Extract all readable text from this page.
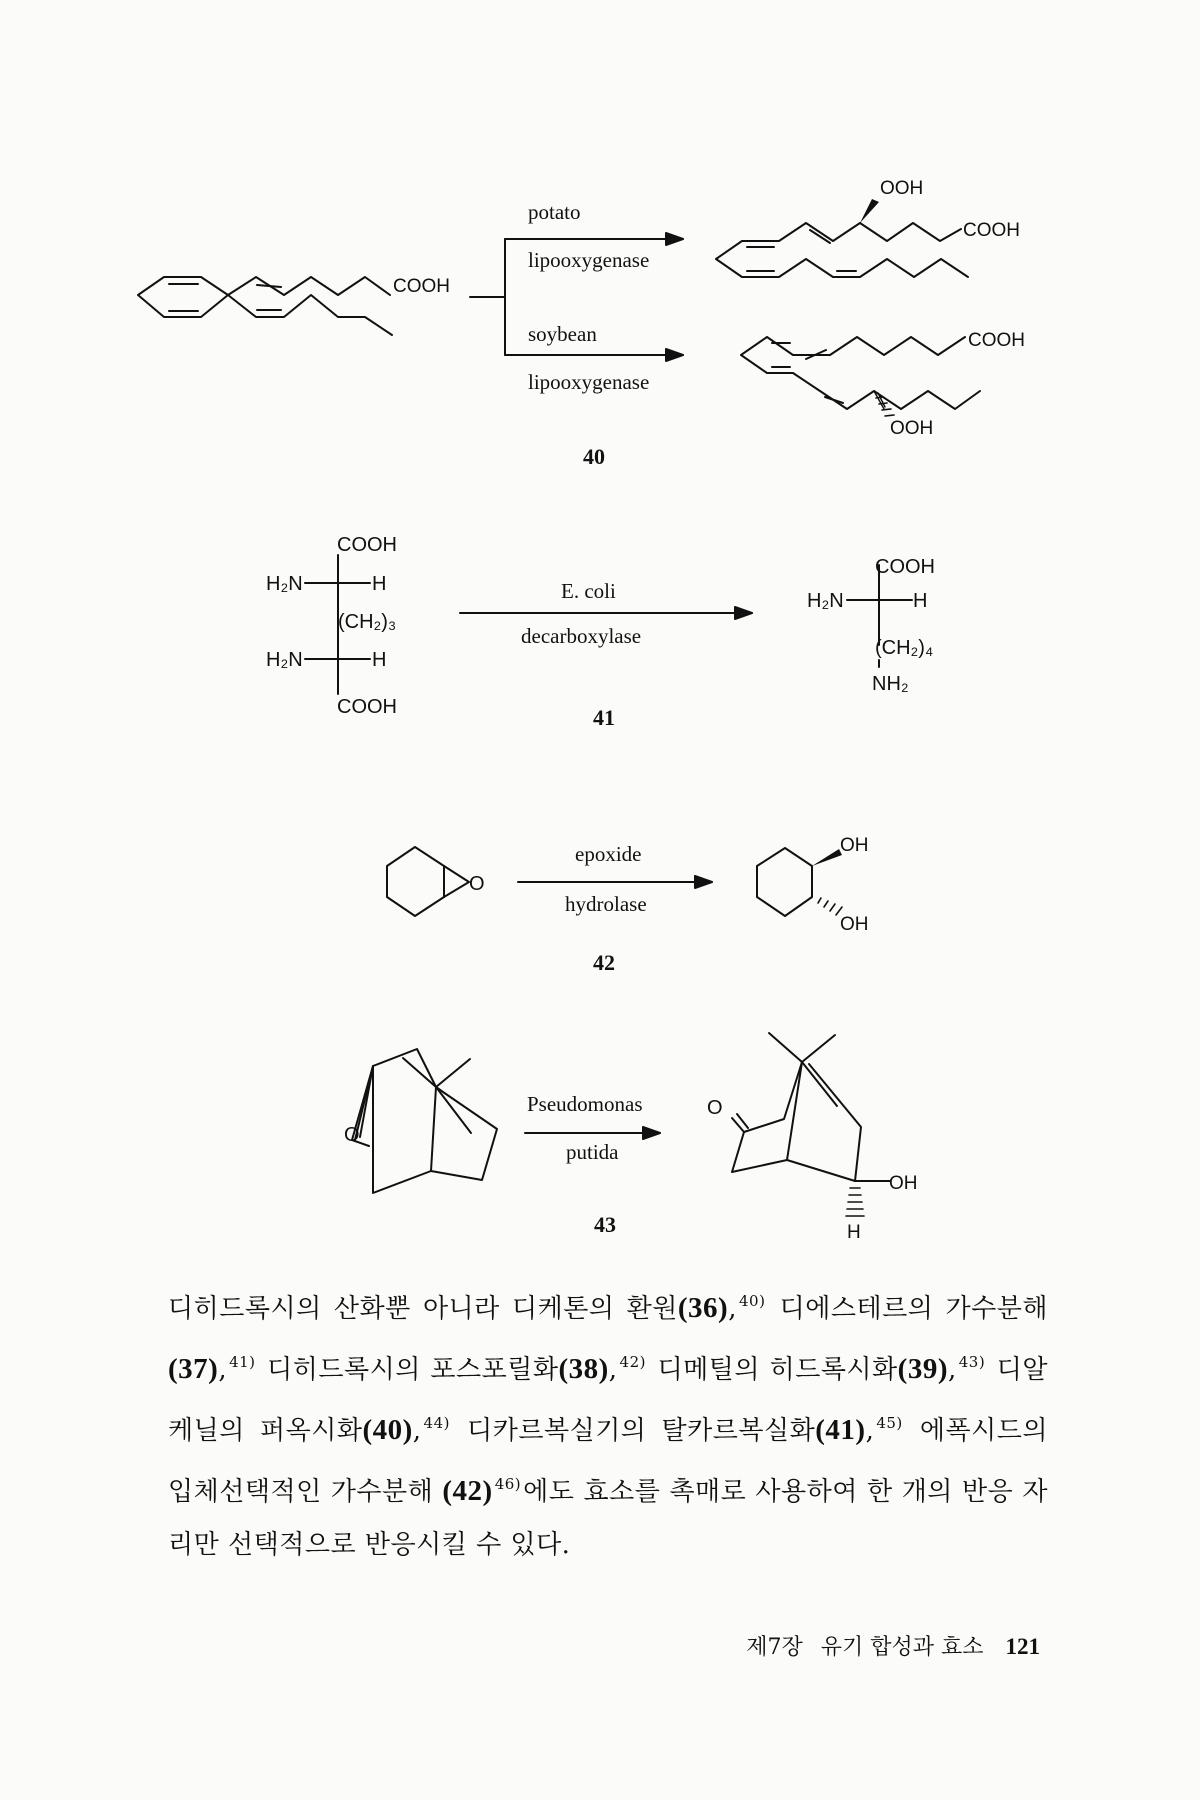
COOH
potato
lipooxygenase
soybean
lipooxygenase
OOH
COOH
COOH
OOH
40
COOH
H₂N	H
(CH₂)₃
H₂N	H
COOH
E. coli
decarboxylase
COOH
H₂N	H
(CH₂)₄
NH₂
41
O
epoxide
hydrolase
OH
OH
42
O
Pseudomonas
putida
O
OH
H
43
디히드록시의 산화뿐 아니라 디케톤의 환원(36), $^{40)}$ 디에스테르의 가수분해 (37), $^{41)}$ 디히드록시의 포스포릴화(38), $^{42)}$ 디메틸의 히드록시화(39), $^{43)}$ 디알케닐의 퍼옥시화(40), $^{44)}$ 디카르복실기의 탈카르복실화(41), $^{45)}$ 에폭시드의 입체선택적인 가수분해 (42) $^{46)}$에도 효소를 촉매로 사용하여 한 개의 반응 자리만 선택적으로 반응시킬 수 있다.
제7장 유기 합성과 효소 121
